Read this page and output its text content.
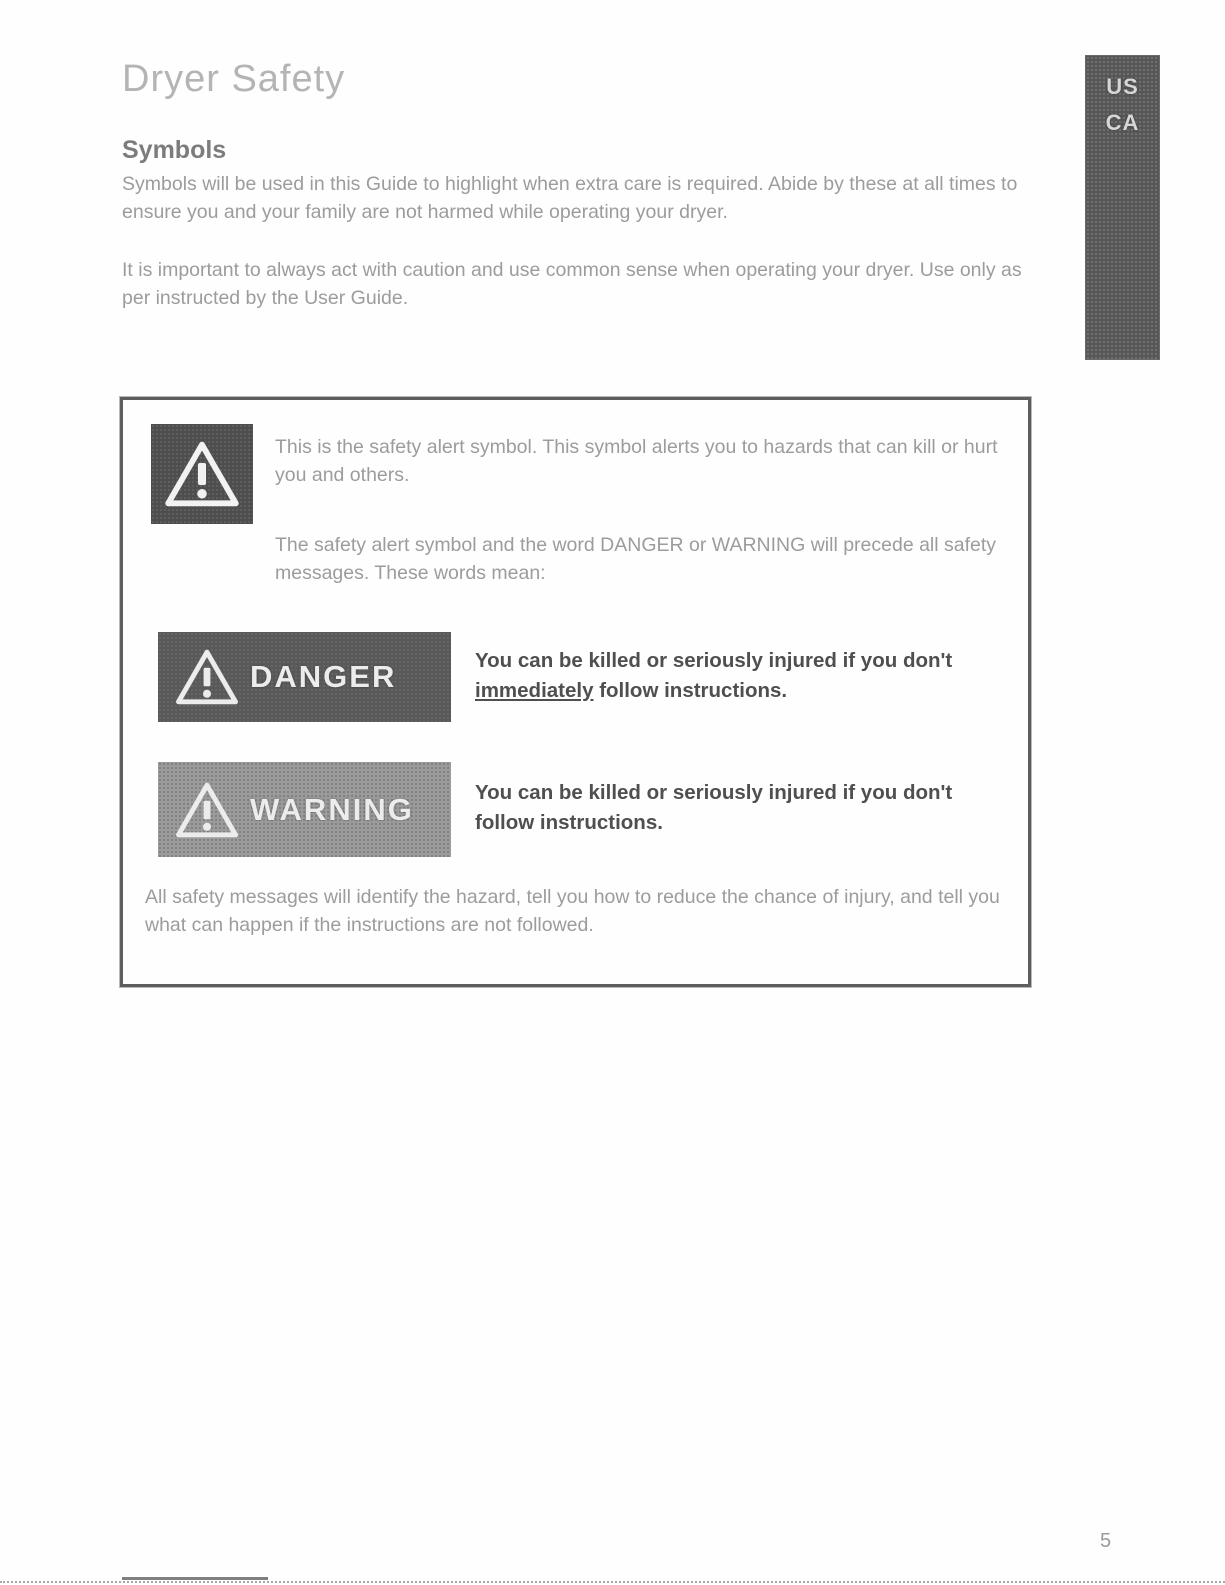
Dryer Safety	US
CA
Symbols

Symbols will be used in this Guide to highlight when extra care is required. Abide by these at all times to ensure you and your family are not harmed while operating your dryer.

It is important to always act with caution and use common sense when operating your dryer. Use only as per instructed by the User Guide.

This is the safety alert symbol. This symbol alerts you to hazards that can kill or hurt you and others.

The safety alert symbol and the word DANGER or WARNING will precede all safety messages. These words mean:

DANGER	You can be killed or seriously injured if you don't immediately follow instructions.

WARNING	You can be killed or seriously injured if you don't follow instructions.

All safety messages will identify the hazard, tell you how to reduce the chance of injury, and tell you what can happen if the instructions are not followed.

5
